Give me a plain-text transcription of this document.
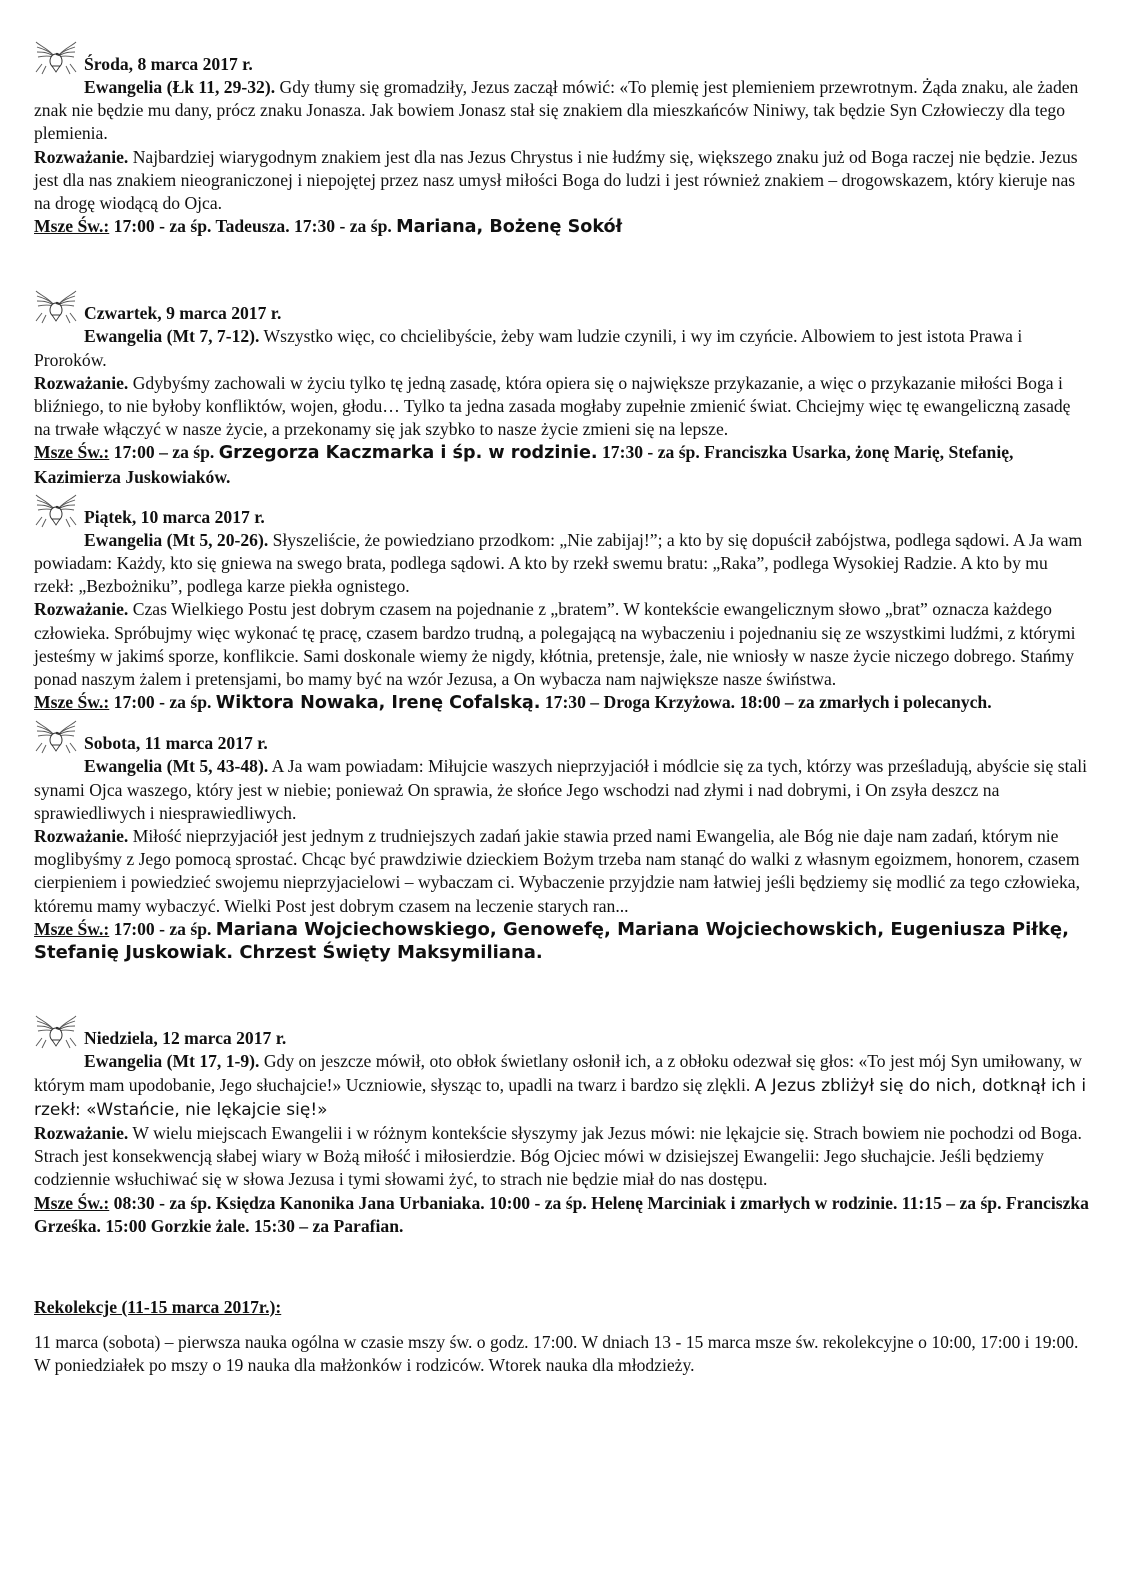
Środa, 8 marca 2017 r.

Ewangelia (Łk 11, 29-32). Gdy tłumy się gromadziły, Jezus zaczął mówić: «To plemię jest plemieniem przewrotnym. Żąda znaku, ale żaden znak nie będzie mu dany, prócz znaku Jonasza. Jak bowiem Jonasz stał się znakiem dla mieszkańców Niniwy, tak będzie Syn Człowieczy dla tego plemienia.

Rozważanie. Najbardziej wiarygodnym znakiem jest dla nas Jezus Chrystus i nie łudźmy się, większego znaku już od Boga raczej nie będzie. Jezus jest dla nas znakiem nieograniczonej i niepojętej przez nasz umysł miłości Boga do ludzi i jest również znakiem – drogowskazem, który kieruje nas na drogę wiodącą do Ojca.

Msze Św.: 17:00 - za śp. Tadeusza. 17:30 - za śp. Mariana, Bożenę Sokół

Czwartek, 9 marca 2017 r.

Ewangelia (Mt 7, 7-12). Wszystko więc, co chcielibyście, żeby wam ludzie czynili, i wy im czyńcie. Albowiem to jest istota Prawa i Proroków.

Rozważanie. Gdybyśmy zachowali w życiu tylko tę jedną zasadę, która opiera się o największe przykazanie, a więc o przykazanie miłości Boga i bliźniego, to nie byłoby konfliktów, wojen, głodu… Tylko ta jedna zasada mogłaby zupełnie zmienić świat. Chciejmy więc tę ewangeliczną zasadę na trwałe włączyć w nasze życie, a przekonamy się jak szybko to nasze życie zmieni się na lepsze.

Msze Św.: 17:00 – za śp. Grzegorza Kaczmarka i śp. w rodzinie. 17:30 - za śp. Franciszka Usarka, żonę Marię, Stefanię, Kazimierza Juskowiaków.

Piątek, 10 marca 2017 r.

Ewangelia (Mt 5, 20-26). Słyszeliście, że powiedziano przodkom: „Nie zabijaj!”; a kto by się dopuścił zabójstwa, podlega sądowi. A Ja wam powiadam: Każdy, kto się gniewa na swego brata, podlega sądowi. A kto by rzekł swemu bratu: „Raka”, podlega Wysokiej Radzie. A kto by mu rzekł: „Bezbożniku”, podlega karze piekła ognistego.

Rozważanie. Czas Wielkiego Postu jest dobrym czasem na pojednanie z „bratem”. W kontekście ewangelicznym słowo „brat” oznacza każdego człowieka. Spróbujmy więc wykonać tę pracę, czasem bardzo trudną, a polegającą na wybaczeniu i pojednaniu się ze wszystkimi ludźmi, z którymi jesteśmy w jakimś sporze, konflikcie. Sami doskonale wiemy że nigdy, kłótnia, pretensje, żale, nie wniosły w nasze życie niczego dobrego. Stańmy ponad naszym żalem i pretensjami, bo mamy być na wzór Jezusa, a On wybacza nam największe nasze świństwa.

Msze Św.: 17:00 - za śp. Wiktora Nowaka, Irenę Cofalską. 17:30 – Droga Krzyżowa. 18:00 – za zmarłych i polecanych.

Sobota, 11 marca 2017 r.

Ewangelia (Mt 5, 43-48). A Ja wam powiadam: Miłujcie waszych nieprzyjaciół i módlcie się za tych, którzy was prześladują, abyście się stali synami Ojca waszego, który jest w niebie; ponieważ On sprawia, że słońce Jego wschodzi nad złymi i nad dobrymi, i On zsyła deszcz na sprawiedliwych i niesprawiedliwych.

Rozważanie. Miłość nieprzyjaciół jest jednym z trudniejszych zadań jakie stawia przed nami Ewangelia, ale Bóg nie daje nam zadań, którym nie moglibyśmy z Jego pomocą sprostać. Chcąc być prawdziwie dzieckiem Bożym trzeba nam stanąć do walki z własnym egoizmem, honorem, czasem cierpieniem i powiedzieć swojemu nieprzyjacielowi – wybaczam ci. Wybaczenie przyjdzie nam łatwiej jeśli będziemy się modlić za tego człowieka, któremu mamy wybaczyć. Wielki Post jest dobrym czasem na leczenie starych ran...

Msze Św.: 17:00 - za śp. Mariana Wojciechowskiego, Genowefę, Mariana Wojciechowskich, Eugeniusza Piłkę, Stefanię Juskowiak. Chrzest Święty Maksymiliana.

Niedziela, 12 marca 2017 r.

Ewangelia (Mt 17, 1-9). Gdy on jeszcze mówił, oto obłok świetlany osłonił ich, a z obłoku odezwał się głos: «To jest mój Syn umiłowany, w którym mam upodobanie, Jego słuchajcie!» Uczniowie, słysząc to, upadli na twarz i bardzo się zlękli. A Jezus zbliżył się do nich, dotknął ich i rzekł: «Wstańcie, nie lękajcie się!»

Rozważanie. W wielu miejscach Ewangelii i w różnym kontekście słyszymy jak Jezus mówi: nie lękajcie się. Strach bowiem nie pochodzi od Boga. Strach jest konsekwencją słabej wiary w Bożą miłość i miłosierdzie. Bóg Ojciec mówi w dzisiejszej Ewangelii: Jego słuchajcie. Jeśli będziemy codziennie wsłuchiwać się w słowa Jezusa i tymi słowami żyć, to strach nie będzie miał do nas dostępu.

Msze Św.: 08:30 - za śp. Księdza Kanonika Jana Urbaniaka. 10:00 - za śp. Helenę Marciniak i zmarłych w rodzinie. 11:15 – za śp. Franciszka Grześka. 15:00 Gorzkie żale. 15:30 – za Parafian.

Rekolekcje (11-15 marca 2017r.):

11 marca (sobota) – pierwsza nauka ogólna w czasie mszy św. o godz. 17:00. W dniach 13 - 15 marca msze św. rekolekcyjne o 10:00, 17:00 i 19:00. W poniedziałek po mszy o 19 nauka dla małżonków i rodziców. Wtorek nauka dla młodzieży.
